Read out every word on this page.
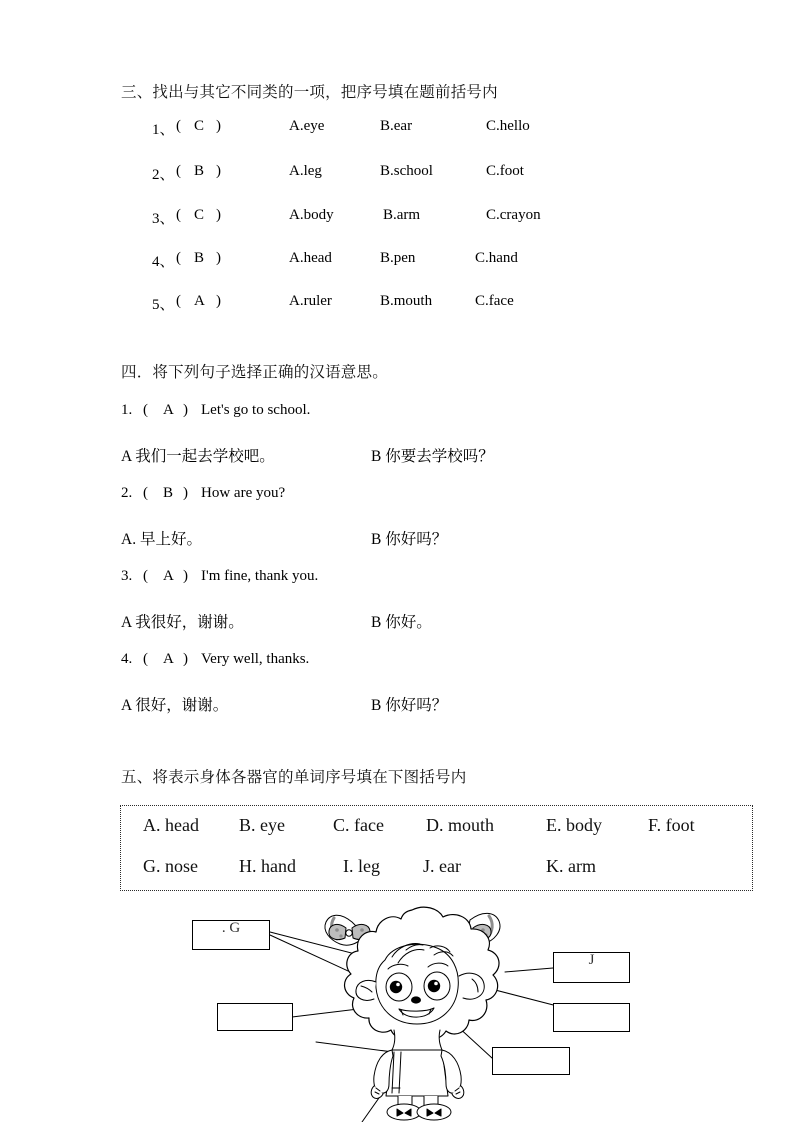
三、找出与其它不同类的一项，把序号填在题前括号内
1、 ( C )	A.eye	B.ear	C.hello
2、 ( B )	A.leg	B.school	C.foot
3、 ( C )	A.body	B.arm	C.crayon
4、 ( B )	A.head	B.pen	C.hand
5、 ( A )	A.ruler	B.mouth	C.face
四．将下列句子选择正确的汉语意思。
1. ( A ) Let's go to school.
A 我们一起去学校吧。	B 你要去学校吗？
2. ( B ) How are you?
A. 早上好。	B 你好吗？
3. ( A ) I'm fine, thank you.
A 我很好，谢谢。	B 你好。
4. ( A ) Very well, thanks.
A 很好，谢谢。	B 你好吗？
五、将表示身体各器官的单词序号填在下图括号内
A. head B. eye	C. face D. mouth	E. body	F. foot
G. nose H. hand	I. leg J. ear	K. arm
. G
J
